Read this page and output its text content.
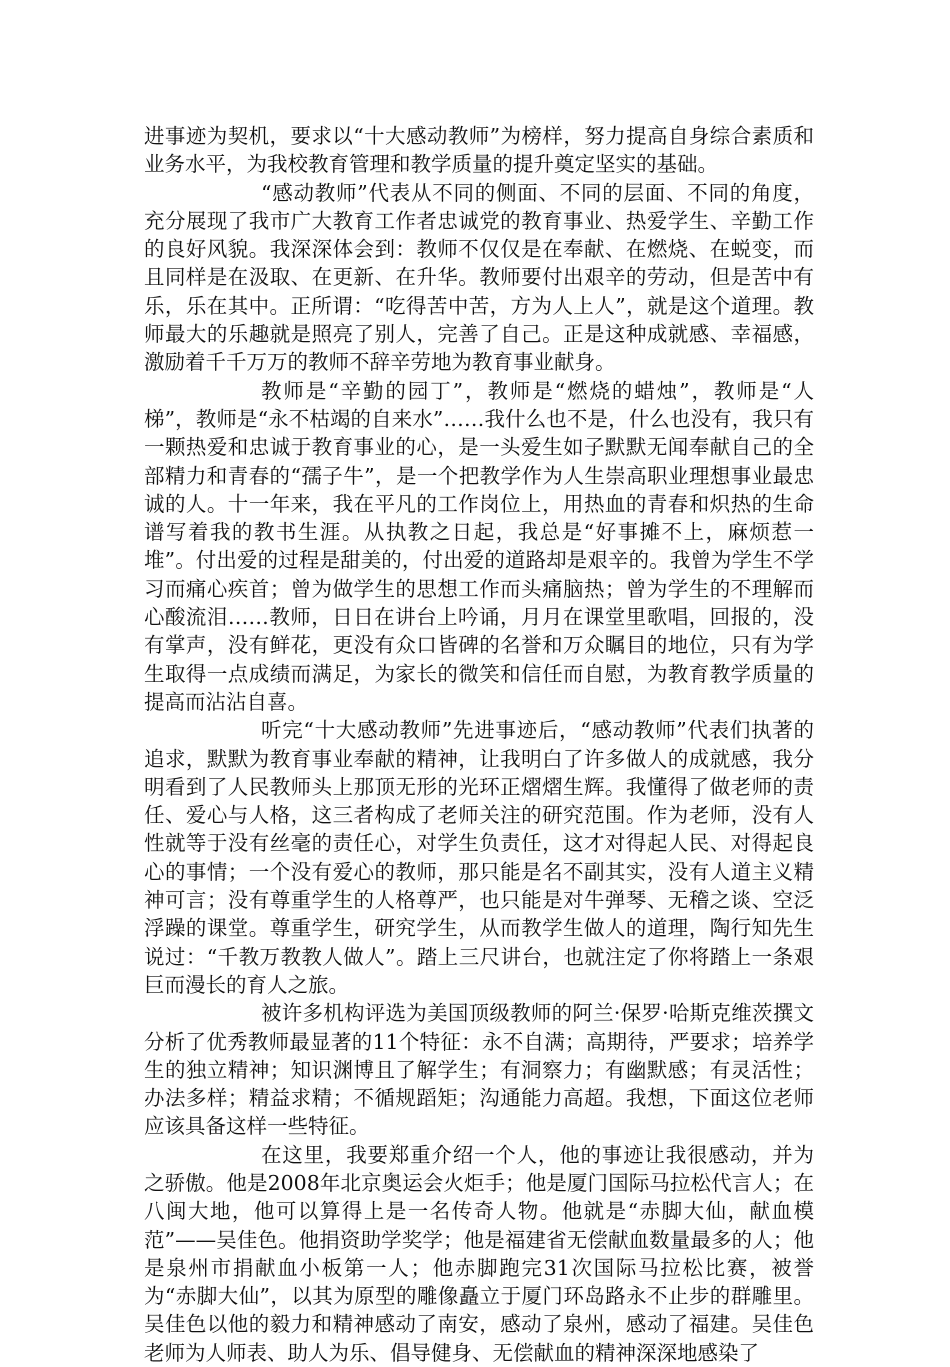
进事迹为契机，要求以“十大感动教师”为榜样，努力提高自身综合素质和业务水平，为我校教育管理和教学质量的提升奠定坚实的基础。

“感动教师”代表从不同的侧面、不同的层面、不同的角度，充分展现了我市广大教育工作者忠诚党的教育事业、热爱学生、辛勤工作的良好风貌。我深深体会到：教师不仅仅是在奉献、在燃烧、在蜕变，而且同样是在汲取、在更新、在升华。教师要付出艰辛的劳动，但是苦中有乐，乐在其中。正所谓：“吃得苦中苦，方为人上人”，就是这个道理。教师最大的乐趣就是照亮了别人，完善了自己。正是这种成就感、幸福感，激励着千千万万的教师不辞辛劳地为教育事业献身。

教师是“辛勤的园丁”，教师是“燃烧的蜡烛”，教师是“人梯”，教师是“永不枯竭的自来水”……我什么也不是，什么也没有，我只有一颗热爱和忠诚于教育事业的心，是一头爱生如子默默无闻奉献自己的全部精力和青春的“孺子牛”，是一个把教学作为人生崇高职业理想事业最忠诚的人。十一年来，我在平凡的工作岗位上，用热血的青春和炽热的生命谱写着我的教书生涯。从执教之日起，我总是“好事摊不上，麻烦惹一堆”。付出爱的过程是甜美的，付出爱的道路却是艰辛的。我曾为学生不学习而痛心疾首；曾为做学生的思想工作而头痛脑热；曾为学生的不理解而心酸流泪……教师，日日在讲台上吟诵，月月在课堂里歌唱，回报的，没有掌声，没有鲜花，更没有众口皆碑的名誉和万众瞩目的地位，只有为学生取得一点成绩而满足，为家长的微笑和信任而自慰，为教育教学质量的提高而沾沾自喜。

听完“十大感动教师”先进事迹后，“感动教师”代表们执著的追求，默默为教育事业奉献的精神，让我明白了许多做人的成就感，我分明看到了人民教师头上那顶无形的光环正熠熠生辉。我懂得了做老师的责任、爱心与人格，这三者构成了老师关注的研究范围。作为老师，没有人性就等于没有丝毫的责任心，对学生负责任，这才对得起人民、对得起良心的事情；一个没有爱心的教师，那只能是名不副其实，没有人道主义精神可言；没有尊重学生的人格尊严，也只能是对牛弹琴、无稽之谈、空泛浮躁的课堂。尊重学生，研究学生，从而教学生做人的道理，陶行知先生说过：“千教万教教人做人”。踏上三尺讲台，也就注定了你将踏上一条艰巨而漫长的育人之旅。

被许多机构评选为美国顶级教师的阿兰·保罗·哈斯克维茨撰文分析了优秀教师最显著的11个特征：永不自满；高期待，严要求；培养学生的独立精神；知识渊博且了解学生；有洞察力；有幽默感；有灵活性；办法多样；精益求精；不循规蹈矩；沟通能力高超。我想，下面这位老师应该具备这样一些特征。

在这里，我要郑重介绍一个人，他的事迹让我很感动，并为之骄傲。他是2008年北京奥运会火炬手；他是厦门国际马拉松代言人；在八闽大地，他可以算得上是一名传奇人物。他就是“赤脚大仙，献血模范”——吴佳色。他捐资助学奖学；他是福建省无偿献血数量最多的人；他是泉州市捐献血小板第一人；他赤脚跑完31次国际马拉松比赛，被誉为“赤脚大仙”，以其为原型的雕像矗立于厦门环岛路永不止步的群雕里。吴佳色以他的毅力和精神感动了南安，感动了泉州，感动了福建。吴佳色老师为人师表、助人为乐、倡导健身、无偿献血的精神深深地感染了
